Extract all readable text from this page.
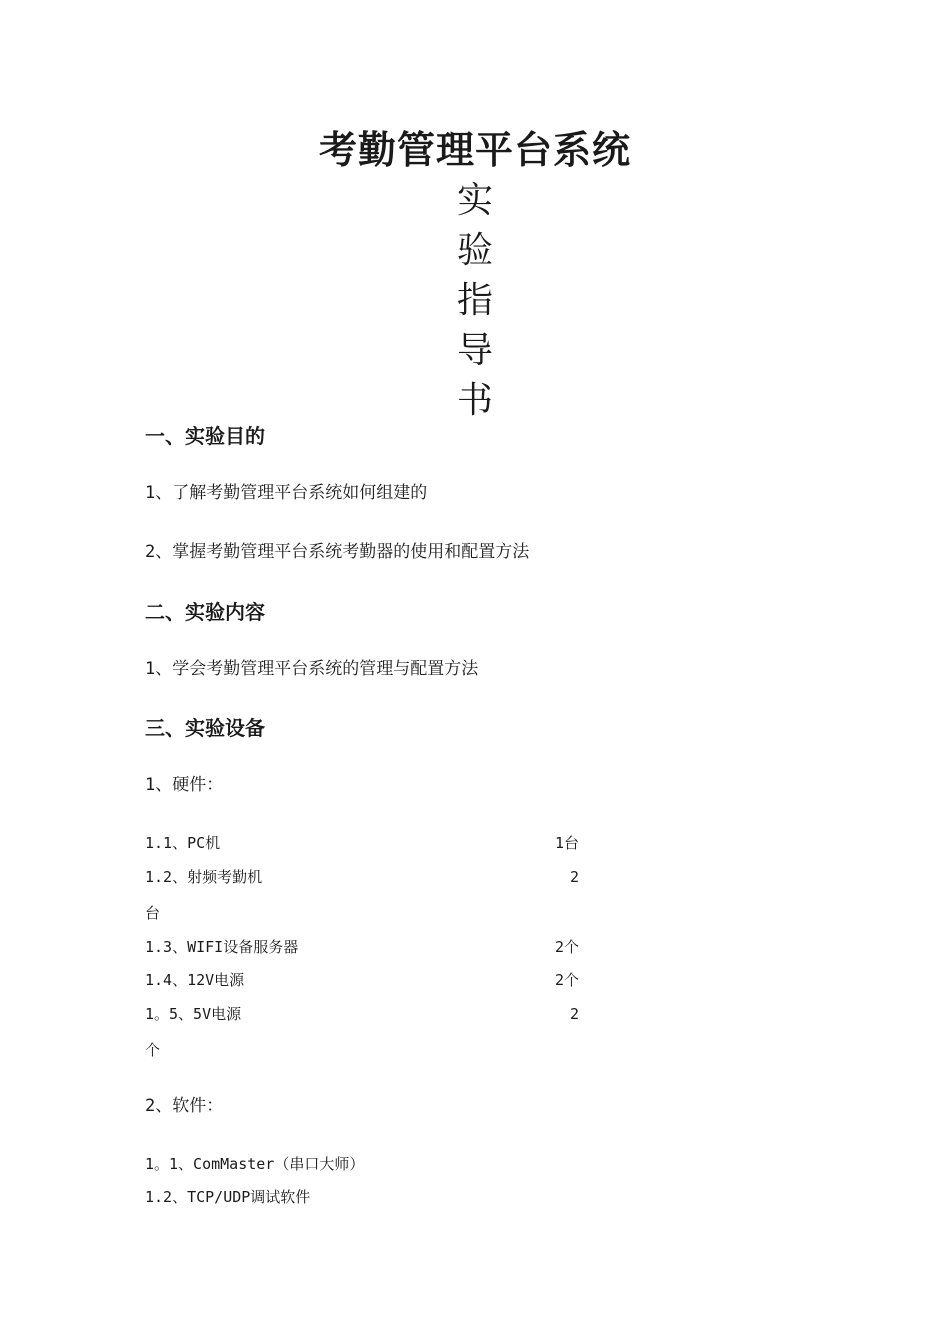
考勤管理平台系统
实
验
指
导
书
一、实验目的
1、了解考勤管理平台系统如何组建的
2、掌握考勤管理平台系统考勤器的使用和配置方法
二、实验内容
1、学会考勤管理平台系统的管理与配置方法
三、实验设备
1、硬件：
1.1、PC机	1台
1.2、射频考勤机	2
台
1.3、WIFI设备服务器	2个
1.4、12V电源	2个
1。5、5V电源	2
个
2、软件：
1。1、ComMaster（串口大师）
1.2、TCP/UDP调试软件
